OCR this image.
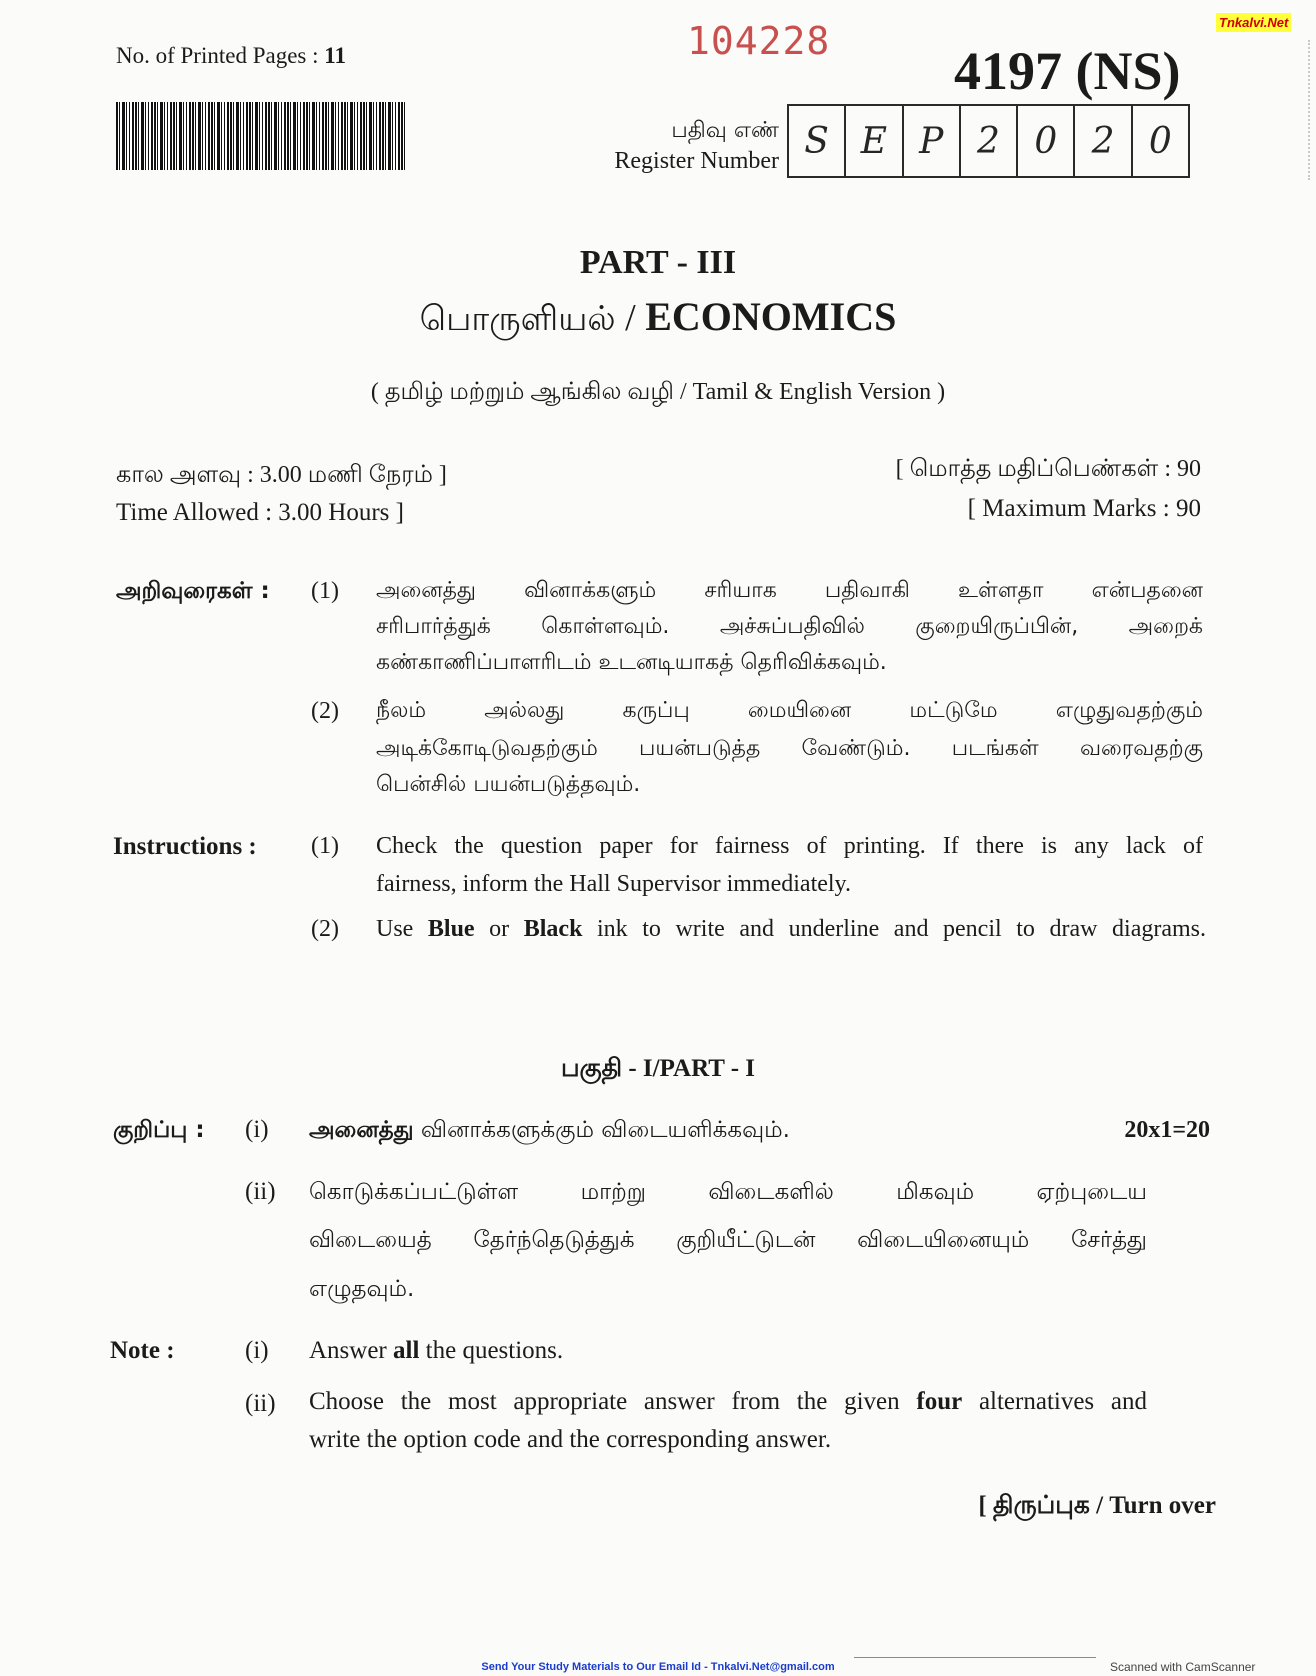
No. of Printed Pages : 11	104228 4197 (NS)
Tnkalvi.Net
பதிவு எண்
Register Number S E P 2 0 2 0
PART - III
பொருளியல் / ECONOMICS
( தமிழ் மற்றும் ஆங்கில வழி / Tamil & English Version )
கால அளவு : 3.00 மணி நேரம் ]
Time Allowed : 3.00 Hours ]
[ மொத்த மதிப்பெண்கள் : 90
[ Maximum Marks : 90
அறிவுரைகள் : (1) அனைத்து வினாக்களும் சரியாக பதிவாகி உள்ளதா என்பதனை
சரிபார்த்துக் கொள்ளவும். அச்சுப்பதிவில் குறையிருப்பின், அறைக்
கண்காணிப்பாளரிடம் உடனடியாகத் தெரிவிக்கவும்.
(2) நீலம் அல்லது கருப்பு மையினை மட்டுமே எழுதுவதற்கும்
அடிக்கோடிடுவதற்கும் பயன்படுத்த வேண்டும். படங்கள் வரைவதற்கு
பென்சில் பயன்படுத்தவும்.
Instructions : (1) Check the question paper for fairness of printing. If there is any lack of
fairness, inform the Hall Supervisor immediately.
(2) Use Blue or Black ink to write and underline and pencil to draw diagrams.
பகுதி - I/PART - I
குறிப்பு : (i) அனைத்து வினாக்களுக்கும் விடையளிக்கவும்.	20x1=20
(ii) கொடுக்கப்பட்டுள்ள மாற்று விடைகளில் மிகவும் ஏற்புடைய
விடையைத் தேர்ந்தெடுத்துக் குறியீட்டுடன் விடையினையும் சேர்த்து
எழுதவும்.
Note :	(i) Answer all the questions.
(ii) Choose the most appropriate answer from the given four alternatives and
write the option code and the corresponding answer.
[ திருப்புக / Turn over
Send Your Study Materials to Our Email Id - Tnkalvi.Net@gmail.com	Scanned with CamScanner
